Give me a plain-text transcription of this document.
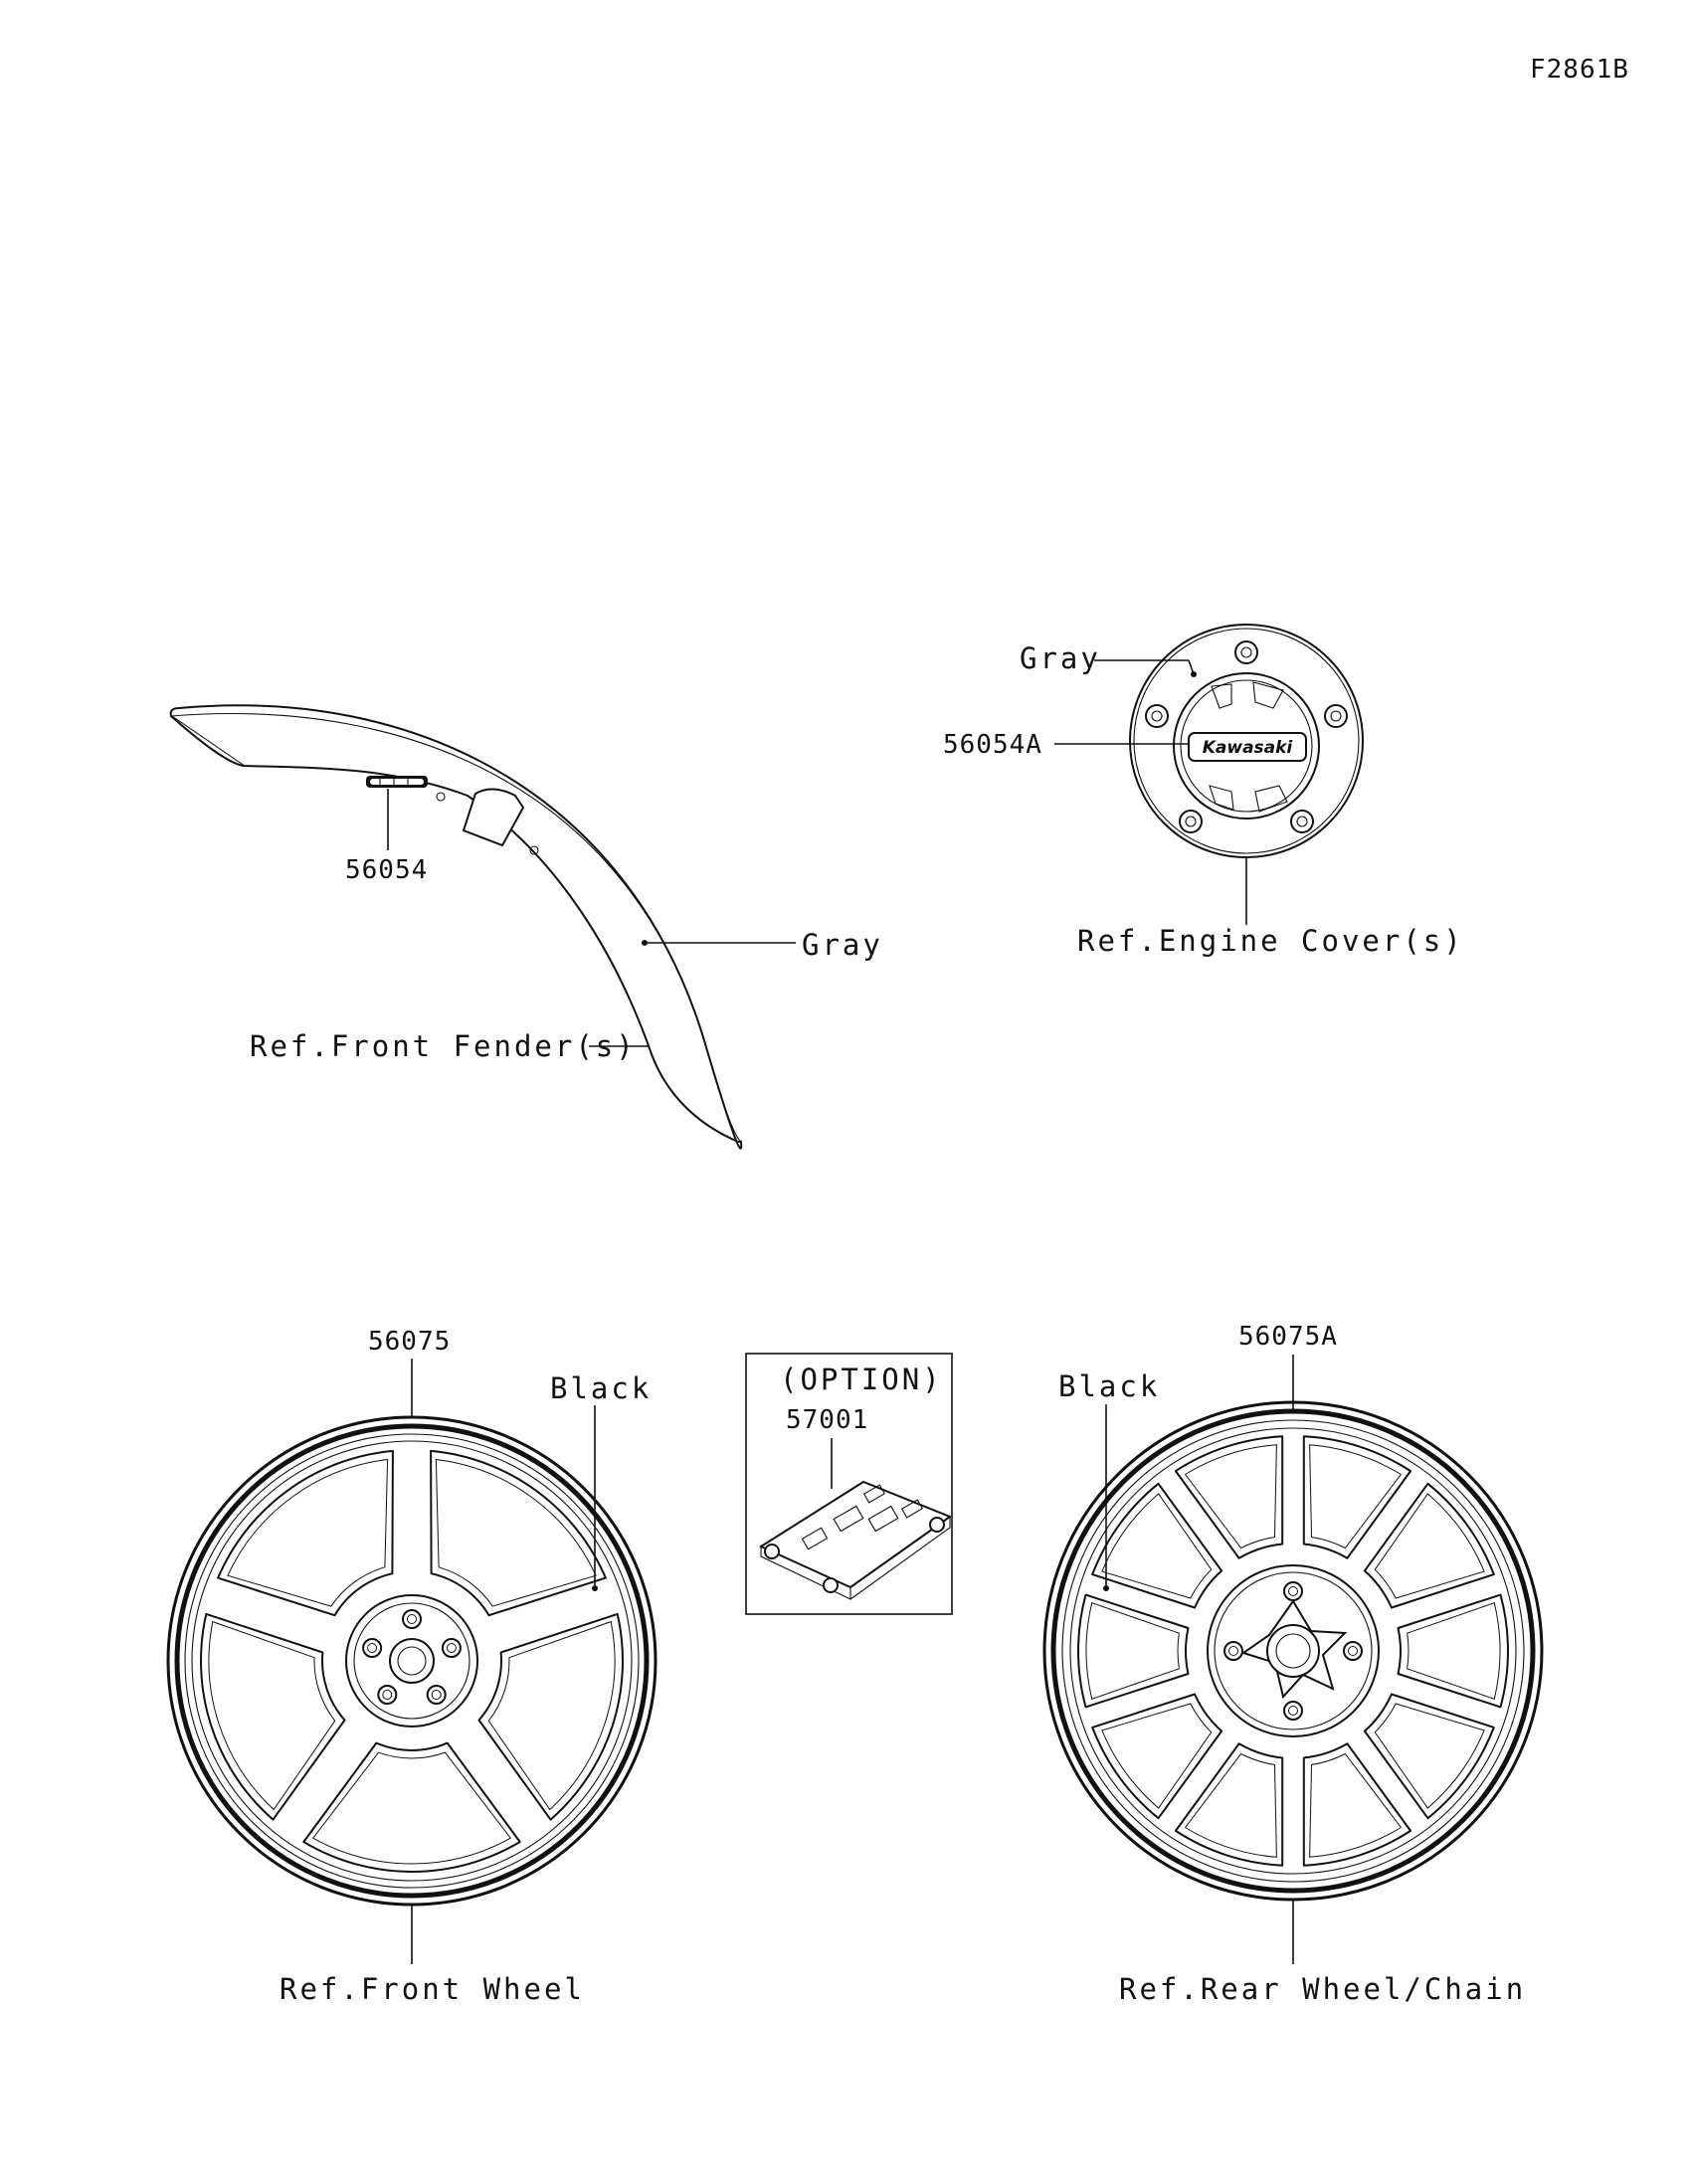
F2861B
56054
Gray
Ref.Front Fender(s)
Kawasaki
Gray
56054A
Ref.Engine Cover(s)
56075
Black
Ref.Front Wheel
(OPTION)
57001
56075A
Black
Ref.Rear Wheel/Chain
